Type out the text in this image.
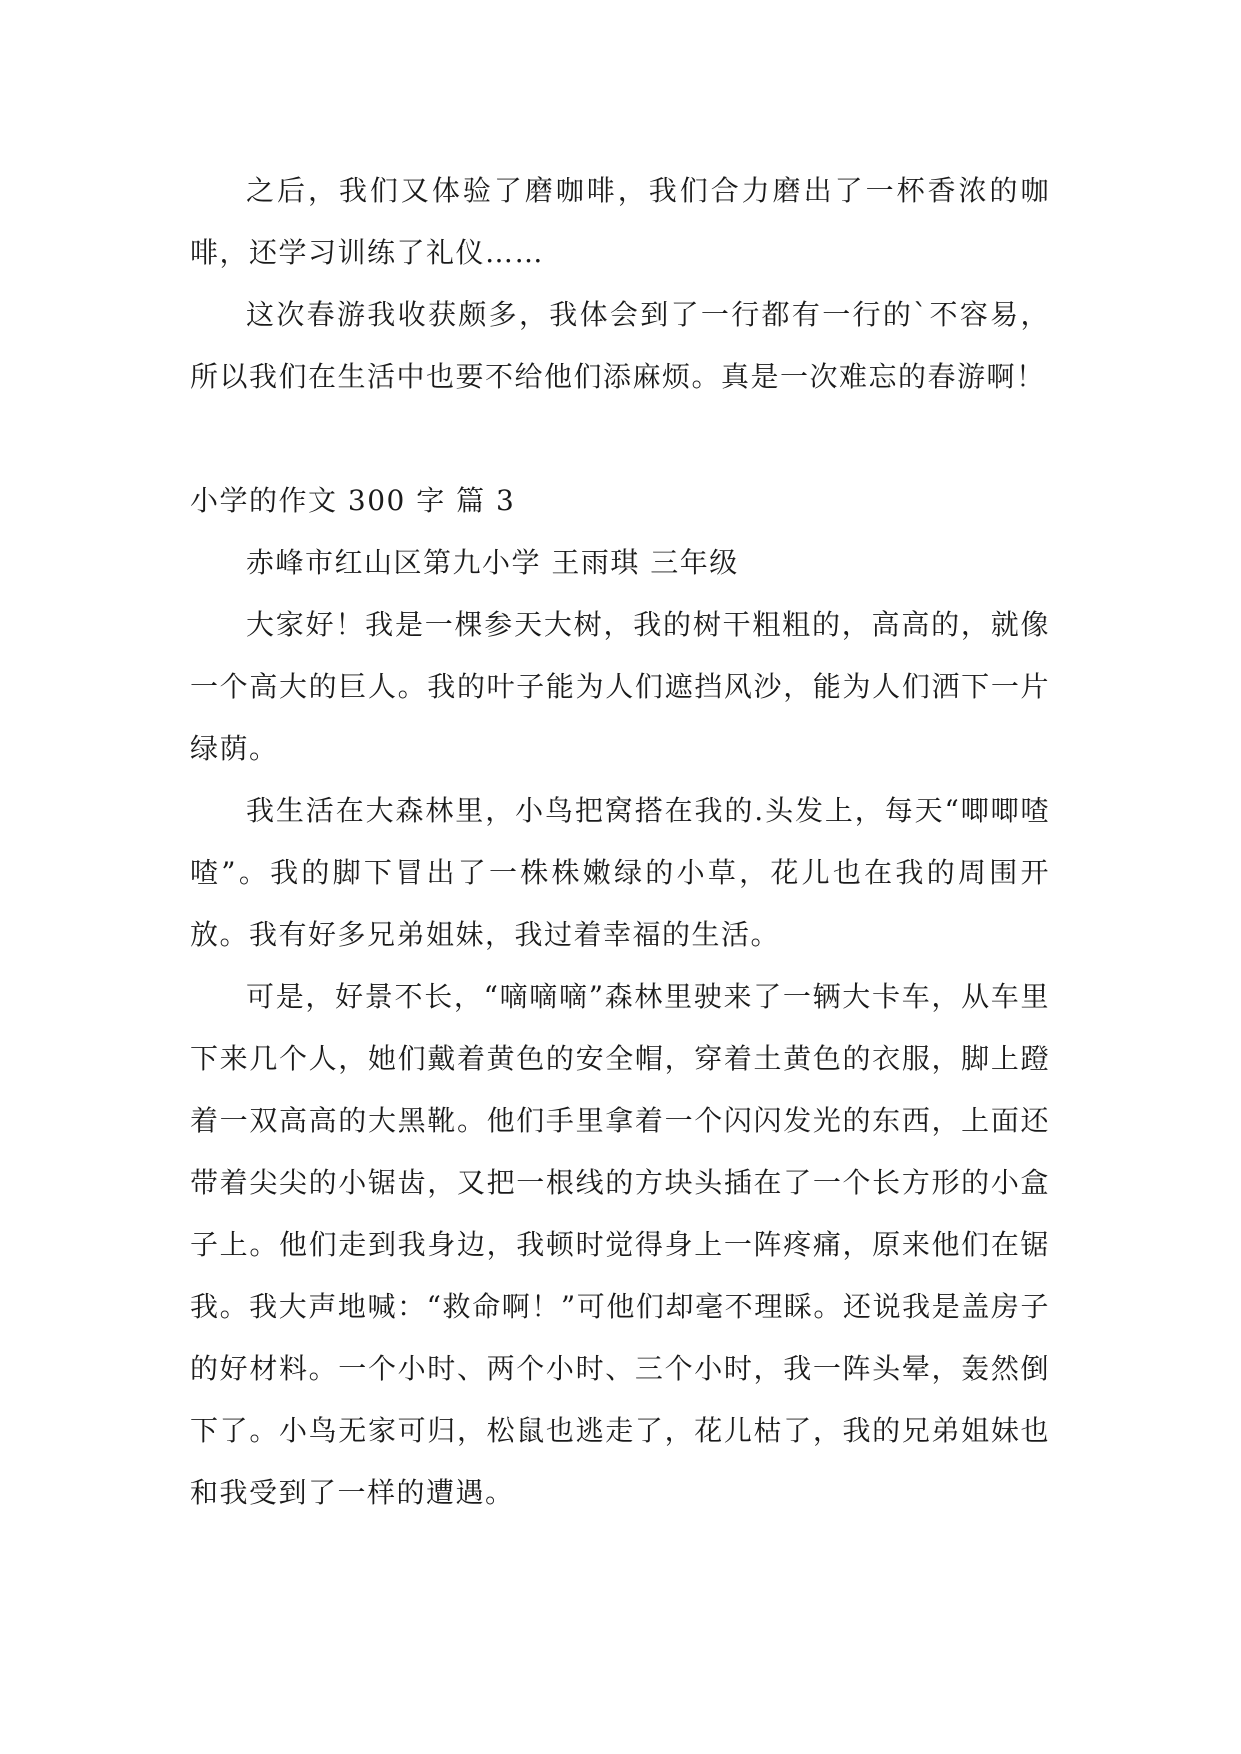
之后，我们又体验了磨咖啡，我们合力磨出了一杯香浓的咖啡，还学习训练了礼仪……

这次春游我收获颇多，我体会到了一行都有一行的`不容易，所以我们在生活中也要不给他们添麻烦。真是一次难忘的春游啊！

小学的作文 300 字 篇 3

赤峰市红山区第九小学 王雨琪 三年级

大家好！我是一棵参天大树，我的树干粗粗的，高高的，就像一个高大的巨人。我的叶子能为人们遮挡风沙，能为人们洒下一片绿荫。

我生活在大森林里，小鸟把窝搭在我的.头发上，每天“唧唧喳喳”。我的脚下冒出了一株株嫩绿的小草，花儿也在我的周围开放。我有好多兄弟姐妹，我过着幸福的生活。

可是，好景不长，“嘀嘀嘀”森林里驶来了一辆大卡车，从车里下来几个人，她们戴着黄色的安全帽，穿着土黄色的衣服，脚上蹬着一双高高的大黑靴。他们手里拿着一个闪闪发光的东西，上面还带着尖尖的小锯齿，又把一根线的方块头插在了一个长方形的小盒子上。他们走到我身边，我顿时觉得身上一阵疼痛，原来他们在锯我。我大声地喊：“救命啊！”可他们却毫不理睬。还说我是盖房子的好材料。一个小时、两个小时、三个小时，我一阵头晕，轰然倒下了。小鸟无家可归，松鼠也逃走了，花儿枯了，我的兄弟姐妹也和我受到了一样的遭遇。
